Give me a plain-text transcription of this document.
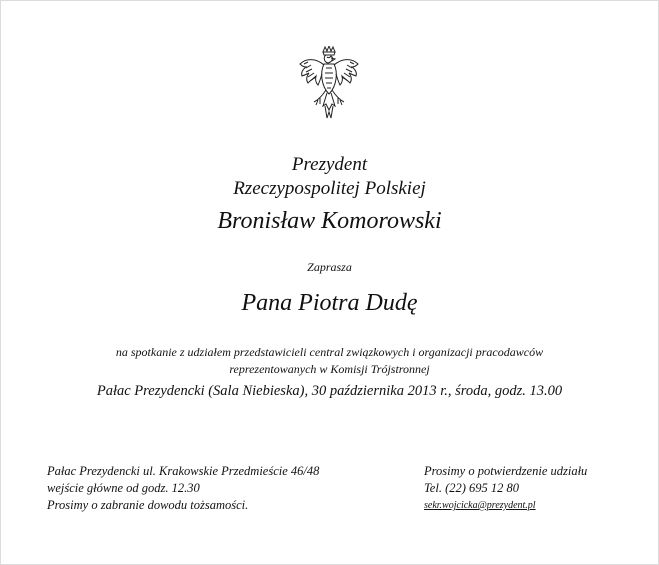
Prezydent
Rzeczypospolitej Polskiej
Bronisław Komorowski
Zaprasza
Pana Piotra Dudę
na spotkanie z udziałem przedstawicieli central związkowych i organizacji pracodawców
reprezentowanych w Komisji Trójstronnej
Pałac Prezydencki (Sala Niebieska), 30 października 2013 r., środa, godz. 13.00
Pałac Prezydencki ul. Krakowskie Przedmieście 46/48
wejście główne od godz. 12.30
Prosimy o zabranie dowodu tożsamości.
Prosimy o potwierdzenie udziału
Tel. (22) 695 12 80
sekr.wojcicka@prezydent.pl
